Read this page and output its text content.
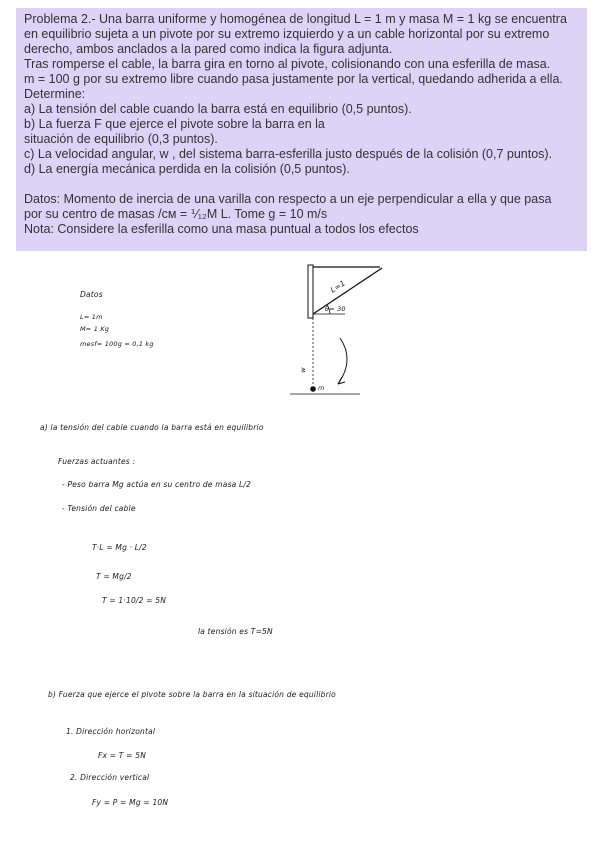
Problema 2.- Una barra uniforme y homogénea de longitud L = 1 m y masa M = 1 kg se encuentra
en equilibrio sujeta a un pivote por su extremo izquierdo y a un cable horizontal por su extremo
derecho, ambos anclados a la pared como indica la figura adjunta.
Tras romperse el cable, la barra gira en torno al pivote, colisionando con una esferilla de masa.
m = 100 g por su extremo libre cuando pasa justamente por la vertical, quedando adherida a ella.
Determine:
a) La tensión del cable cuando la barra está en equilibrio (0,5 puntos).
b) La fuerza F que ejerce el pivote sobre la barra en la
situación de equilibrio (0,3 puntos).
c) La velocidad angular, w , del sistema barra-esferilla justo después de la colisión (0,7 puntos).
d) La energía mecánica perdida en la colisión (0,5 puntos).
Datos: Momento de inercia de una varilla con respecto a un eje perpendicular a ella y que pasa
por su centro de masas /cм = ⅟₁₂M L. Tome g = 10 m/s
Nota: Considere la esferilla como una masa puntual a todos los efectos
L=1
θ= 30
w
m
Datos
L= 1m
M= 1 Kg
mesf= 100g = 0,1 kg
a) la tensión del cable cuando la barra está en equilibrio
Fuerzas actuantes :
- Peso barra Mg actúa en su centro de masa L/2
- Tensión del cable
T·L = Mg · L/2
T = Mg/2
T = 1·10/2 = 5N
la tensión es T=5N
b) Fuerza que ejerce el pivote sobre la barra en la situación de equilibrio
1. Dirección horizontal
Fx = T = 5N
2. Dirección vertical
Fy = P = Mg = 10N
